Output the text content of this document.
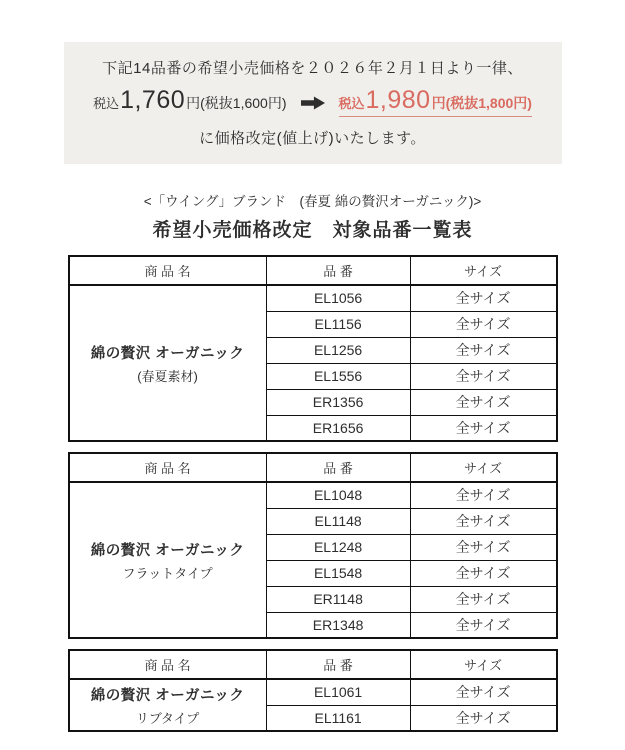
下記14品番の希望小売価格を２０２６年２月１日より一律、

税込 1,760 円(税抜1,600円)	税込 1,980 円(税抜1,800円)

に価格改定(値上げ)いたします。

<「ウイング」ブランド　(春夏 綿の贅沢オーガニック)>

希望小売価格改定　対象品番一覧表
商 品 名	品 番	サイズ

綿の贅沢 オーガニック
(春夏素材)	EL1056	全サイズ
	EL1156	全サイズ
	EL1256	全サイズ
	EL1556	全サイズ
	ER1356	全サイズ
	ER1656	全サイズ
商 品 名	品 番	サイズ

綿の贅沢 オーガニック
フラットタイプ	EL1048	全サイズ
	EL1148	全サイズ
	EL1248	全サイズ
	EL1548	全サイズ
	ER1148	全サイズ
	ER1348	全サイズ
商 品 名	品 番	サイズ

綿の贅沢 オーガニック
リブタイプ	EL1061	全サイズ
	EL1161	全サイズ
